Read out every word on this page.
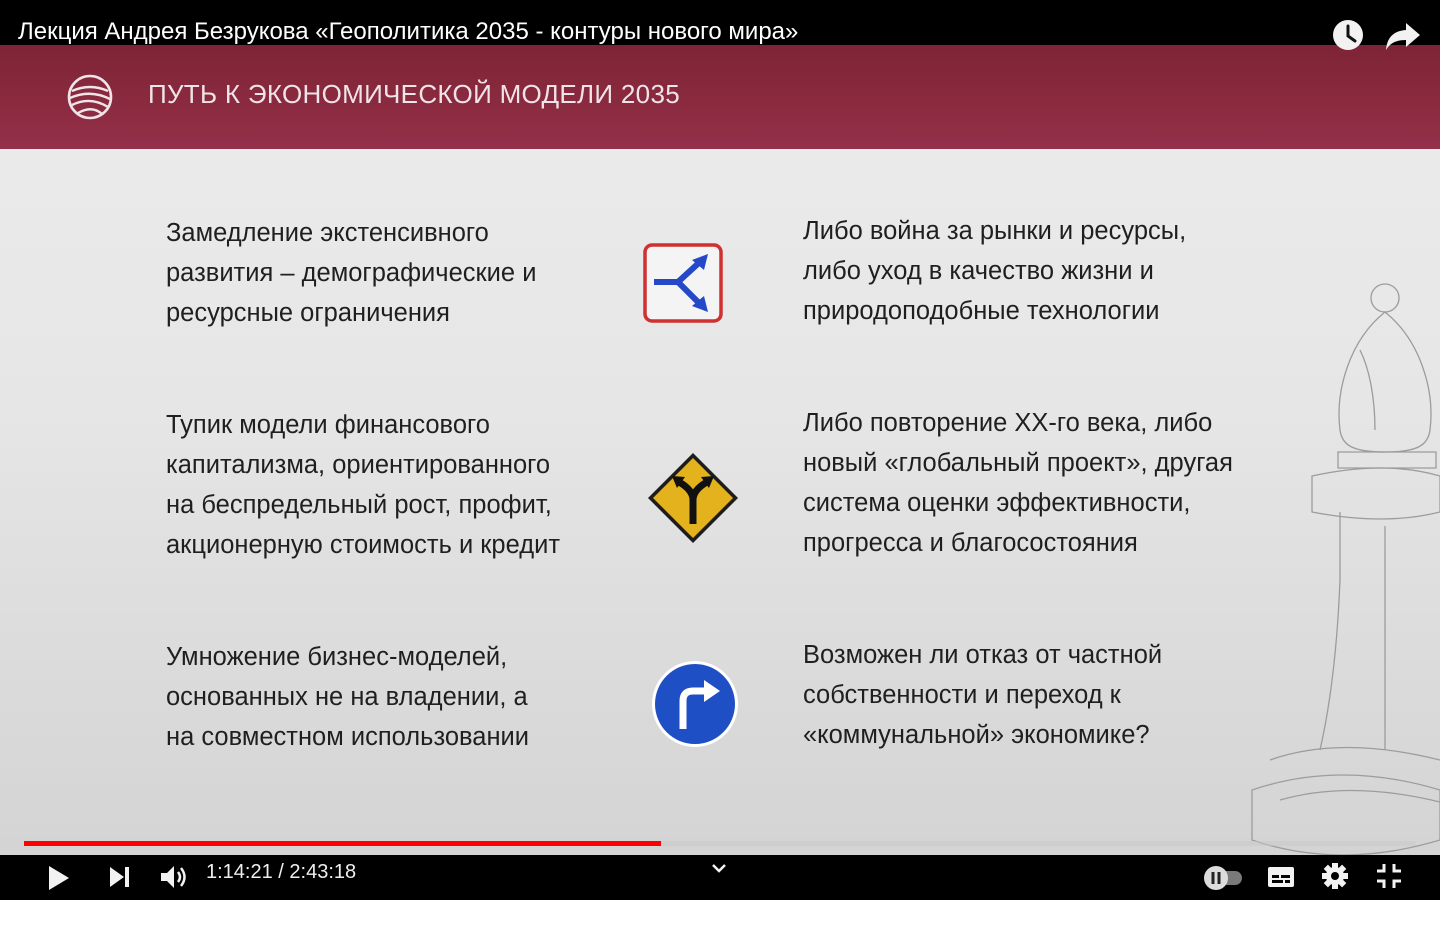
ПУТЬ К ЭКОНОМИЧЕСКОЙ МОДЕЛИ 2035
Замедление экстенсивного
развития – демографические и
ресурсные ограничения
Либо война за рынки и ресурсы,
либо уход в качество жизни и
природоподобные технологии
Тупик модели финансового
капитализма, ориентированного
на беспредельный рост, профит,
акционерную стоимость и кредит
Либо повторение ХХ-го века, либо
новый «глобальный проект», другая
система оценки эффективности,
прогресса и благосостояния
Умножение бизнес-моделей,
основанных не на владении, а
на совместном использовании
Возможен ли отказ от частной
собственности и переход к
«коммунальной» экономике?
Лекция Андрея Безрукова «Геополитика 2035 - контуры нового мира»
1:14:21 / 2:43:18
